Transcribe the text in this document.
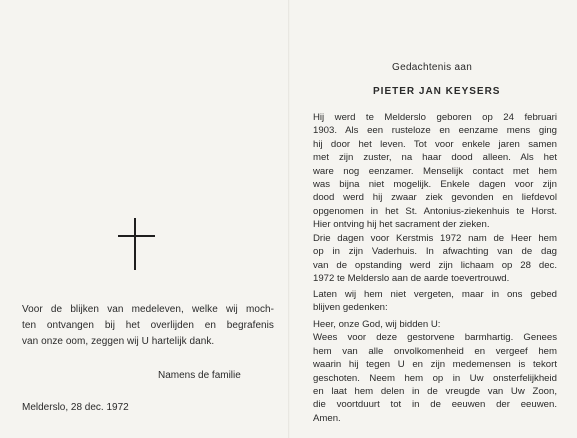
Voor de blijken van medeleven, welke wij moch-
ten ontvangen bij het overlijden en begrafenis
van onze oom, zeggen wij U hartelijk dank.
Namens de familie
Melderslo, 28 dec. 1972
Gedachtenis aan
PIETER JAN KEYSERS
Hij werd te Melderslo geboren op 24 februari
1903. Als een rusteloze en eenzame mens ging
hij door het leven. Tot voor enkele jaren samen
met zijn zuster, na haar dood alleen. Als het
ware nog eenzamer. Menselijk contact met hem
was bijna niet mogelijk. Enkele dagen voor zijn
dood werd hij zwaar ziek gevonden en liefdevol
opgenomen in het St. Antonius-ziekenhuis te Horst.
Hier ontving hij het sacrament der zieken.
Drie dagen voor Kerstmis 1972 nam de Heer hem
op in zijn Vaderhuis. In afwachting van de dag
van de opstanding werd zijn lichaam op 28 dec.
1972 te Melderslo aan de aarde toevertrouwd.
Laten wij hem niet vergeten, maar in ons gebed
blijven gedenken:
Heer, onze God, wij bidden U:
Wees voor deze gestorvene barmhartig. Genees
hem van alle onvolkomenheid en vergeef hem
waarin hij tegen U en zijn medemensen is tekort
geschoten. Neem hem op in Uw onsterfelijkheid
en laat hem delen in de vreugde van Uw Zoon,
die voortduurt tot in de eeuwen der eeuwen.
Amen.
